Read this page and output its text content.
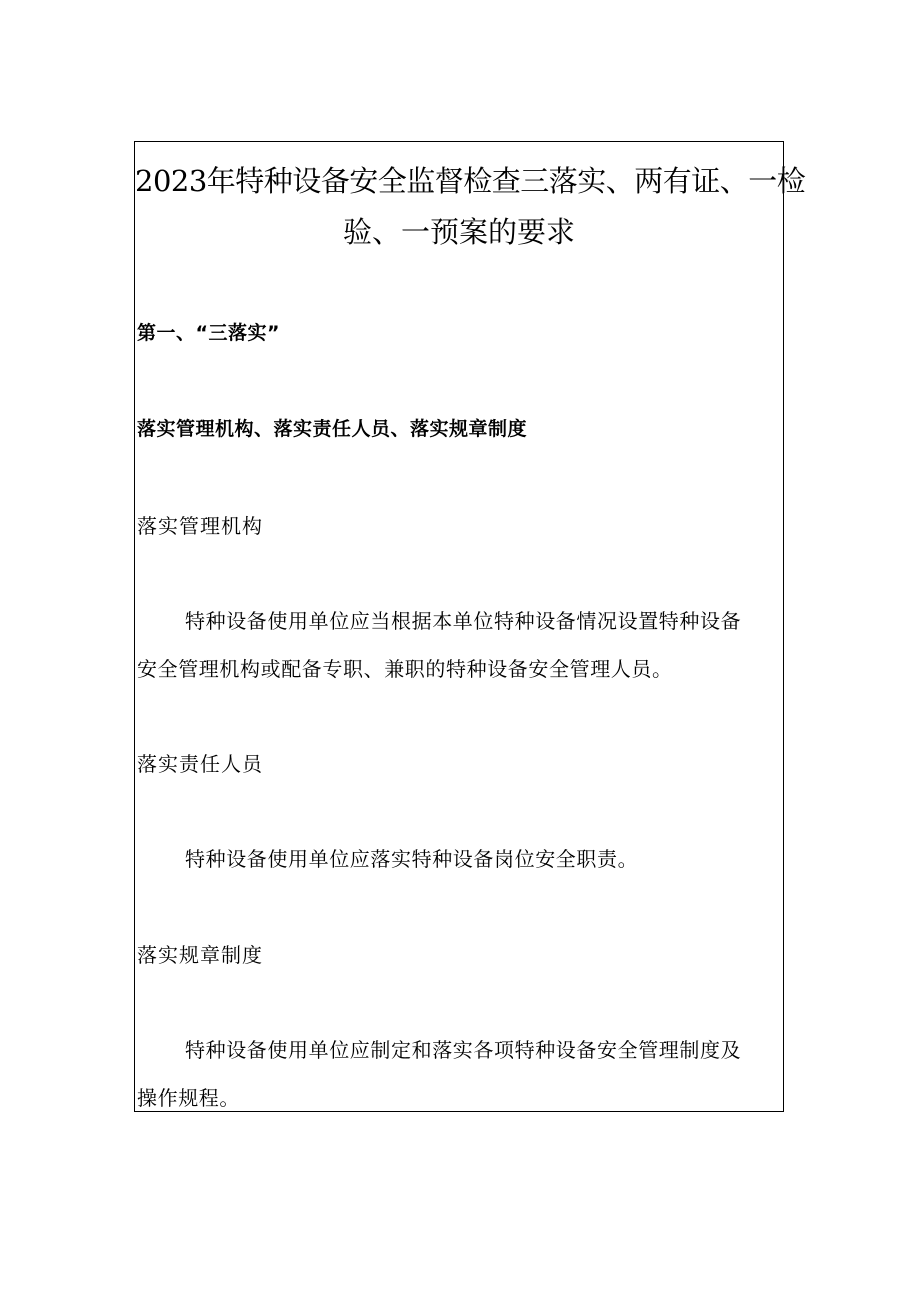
2023年特种设备安全监督检查三落实、两有证、一检
验、一预案的要求

第一、“三落实”

落实管理机构、落实责任人员、落实规章制度

落实管理机构

特种设备使用单位应当根据本单位特种设备情况设置特种设备

安全管理机构或配备专职、兼职的特种设备安全管理人员。

落实责任人员

特种设备使用单位应落实特种设备岗位安全职责。

落实规章制度

特种设备使用单位应制定和落实各项特种设备安全管理制度及

操作规程。
